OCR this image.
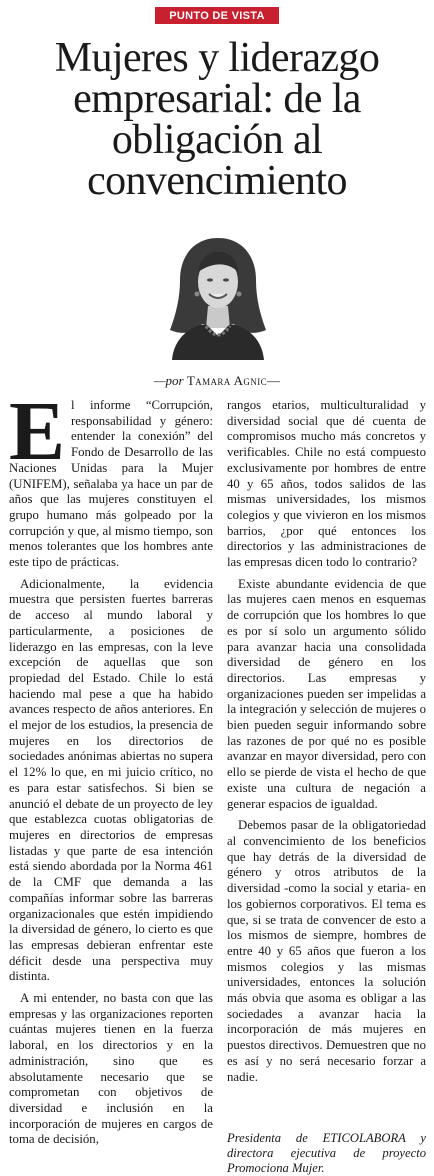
PUNTO DE VISTA
Mujeres y liderazgo
empresarial: de la
obligación al
convencimiento
—por Tamara Agnic—

El informe “Corrupción, responsabilidad y género: entender la conexión” del Fondo de Desarrollo de las Naciones Unidas para la Mujer (UNIFEM), señalaba ya hace un par de años que las mujeres constituyen el grupo humano más golpeado por la corrupción y que, al mismo tiempo, son menos tolerantes que los hombres ante este tipo de prácticas.

Adicionalmente, la evidencia muestra que persisten fuertes barreras de acceso al mundo laboral y particularmente, a posiciones de liderazgo en las empresas, con la leve excepción de aquellas que son propiedad del Estado. Chile lo está haciendo mal pese a que ha habido avances respecto de años anteriores. En el mejor de los estudios, la presencia de mujeres en los directorios de sociedades anónimas abiertas no supera el 12% lo que, en mi juicio crítico, no es para estar satisfechos. Si bien se anunció el debate de un proyecto de ley que establezca cuotas obligatorias de mujeres en directorios de empresas listadas y que parte de esa intención está siendo abordada por la Norma 461 de la CMF que demanda a las compañías informar sobre las barreras organizacionales que estén impidiendo la diversidad de género, lo cierto es que las empresas debieran enfrentar este déficit desde una perspectiva muy distinta.

A mi entender, no basta con que las empresas y las organizaciones reporten cuántas mujeres tienen en la fuerza laboral, en los directorios y en la administración, sino que es absolutamente necesario que se comprometan con objetivos de diversidad e inclusión en la incorporación de mujeres en cargos de toma de decisión,

rangos etarios, multiculturalidad y diversidad social que dé cuenta de compromisos mucho más concretos y verificables. Chile no está compuesto exclusivamente por hombres de entre 40 y 65 años, todos salidos de las mismas universidades, los mismos colegios y que vivieron en los mismos barrios, ¿por qué entonces los directorios y las administraciones de las empresas dicen todo lo contrario?

Existe abundante evidencia de que las mujeres caen menos en esquemas de corrupción que los hombres lo que es por sí solo un argumento sólido para avanzar hacia una consolidada diversidad de género en los directorios. Las empresas y organizaciones pueden ser impelidas a la integración y selección de mujeres o bien pueden seguir informando sobre las razones de por qué no es posible avanzar en mayor diversidad, pero con ello se pierde de vista el hecho de que existe una cultura de negación a generar espacios de igualdad.

Debemos pasar de la obligatoriedad al convencimiento de los beneficios que hay detrás de la diversidad de género y otros atributos de la diversidad -como la social y etaria- en los gobiernos corporativos. El tema es que, si se trata de convencer de esto a los mismos de siempre, hombres de entre 40 y 65 años que fueron a los mismos colegios y las mismas universidades, entonces la solución más obvia que asoma es obligar a las sociedades a avanzar hacia la incorporación de más mujeres en puestos directivos. Demuestren que no es así y no será necesario forzar a nadie.

Presidenta de ETICOLABORA y directora ejecutiva de proyecto Promociona Mujer.
